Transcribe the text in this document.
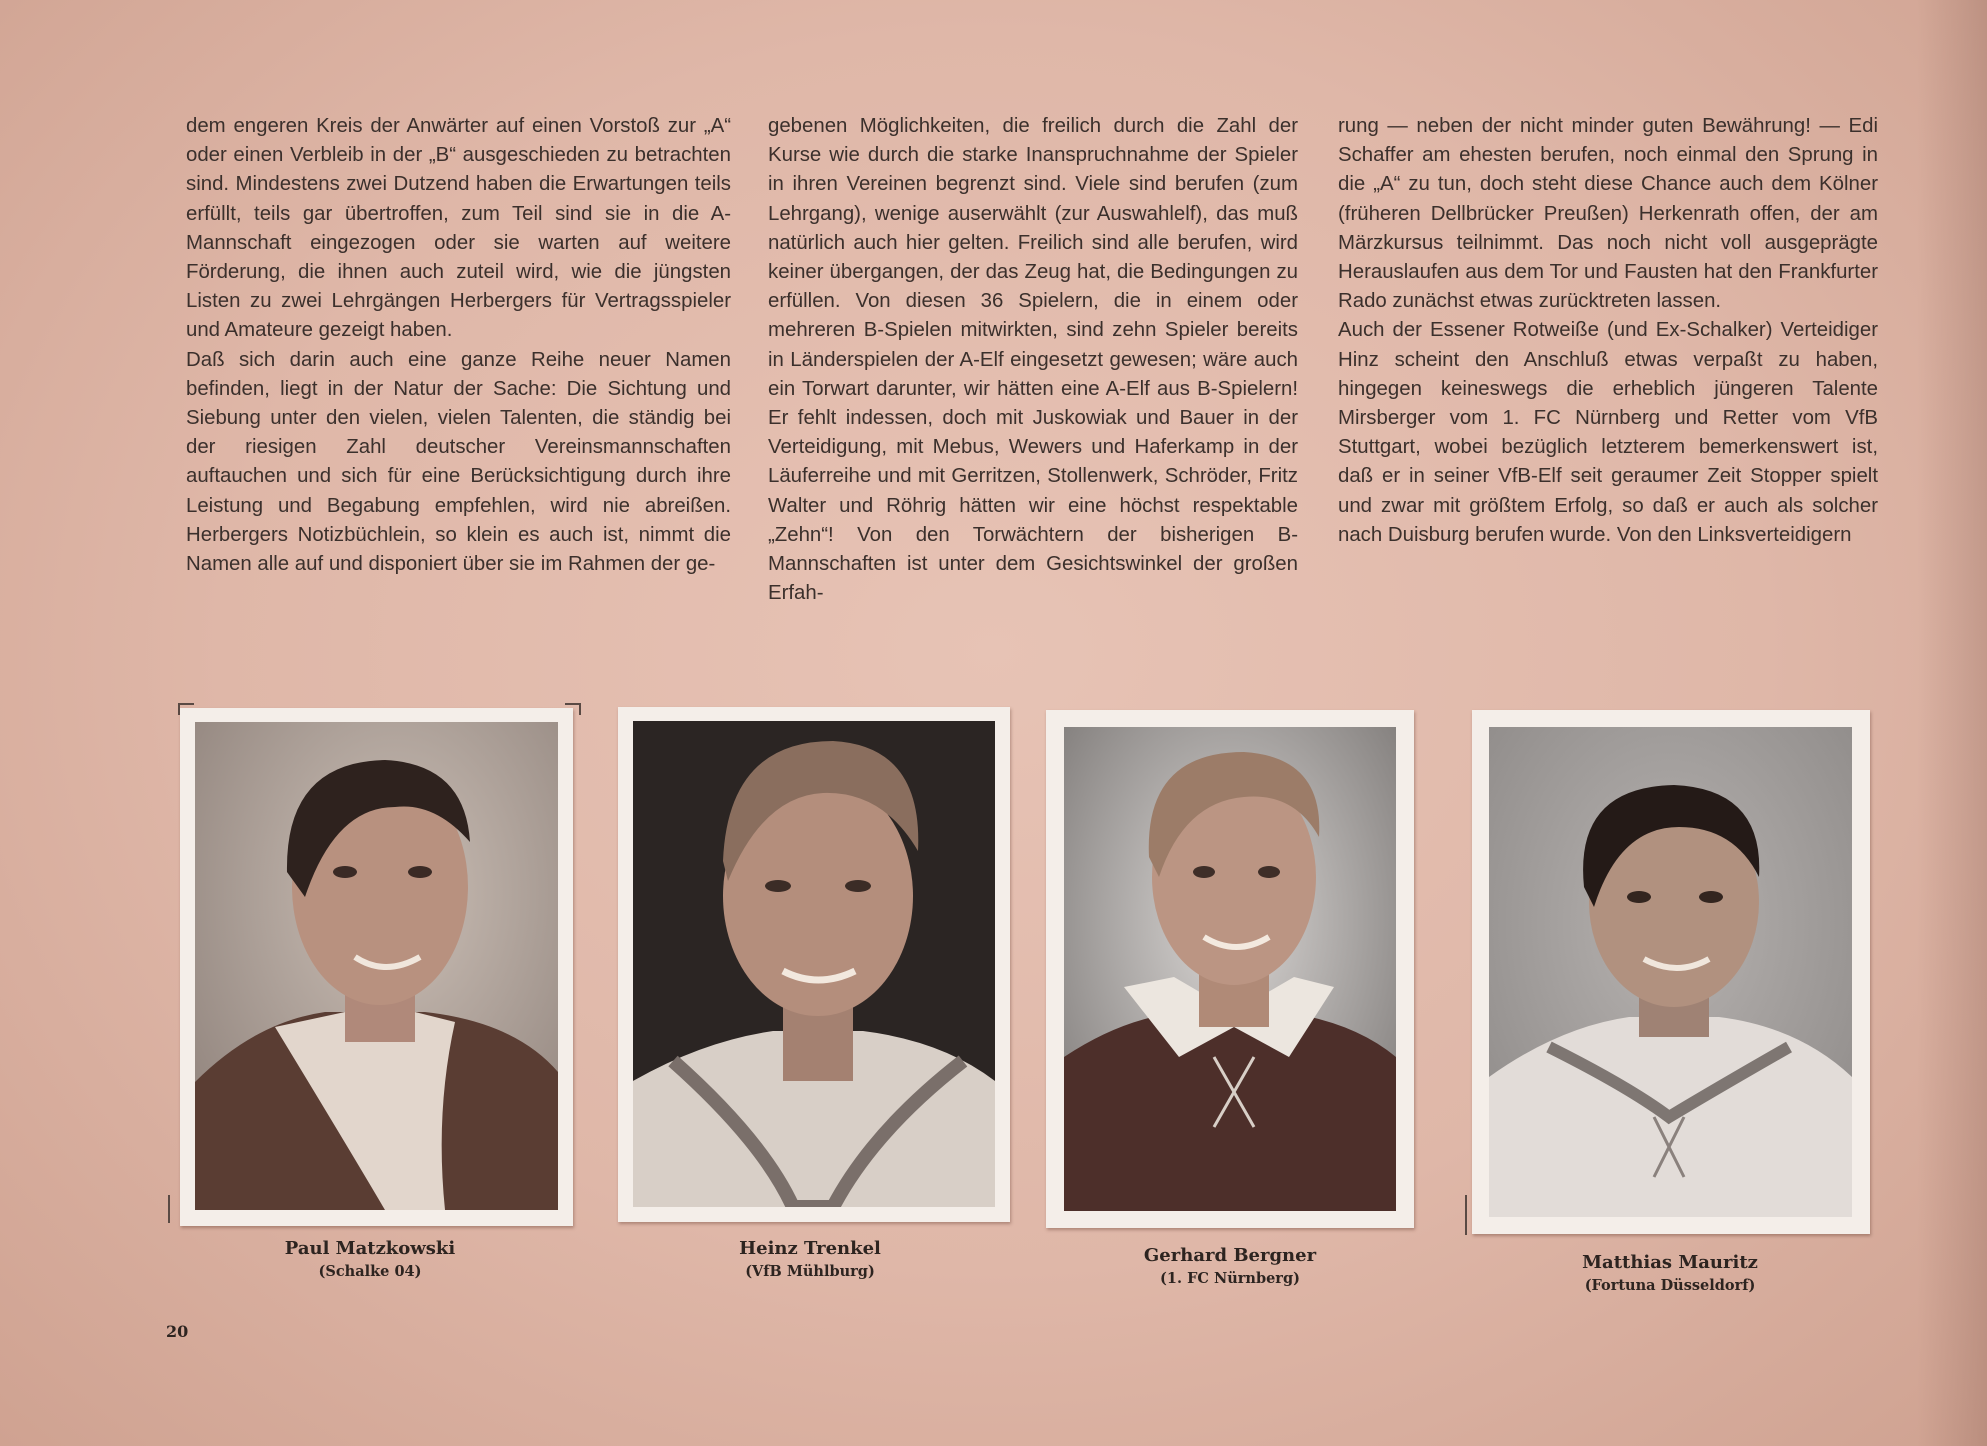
dem engeren Kreis der Anwärter auf einen Vorstoß zur „A“ oder einen Verbleib in der „B“ ausgeschieden zu betrachten sind. Mindestens zwei Dutzend haben die Erwartungen teils erfüllt, teils gar übertroffen, zum Teil sind sie in die A-Mannschaft eingezogen oder sie warten auf weitere Förderung, die ihnen auch zuteil wird, wie die jüngsten Listen zu zwei Lehrgängen Herbergers für Vertragsspieler und Amateure gezeigt haben.

Daß sich darin auch eine ganze Reihe neuer Namen befinden, liegt in der Natur der Sache: Die Sichtung und Siebung unter den vielen, vielen Talenten, die ständig bei der riesigen Zahl deutscher Vereinsmannschaften auftauchen und sich für eine Berücksichtigung durch ihre Leistung und Begabung empfehlen, wird nie abreißen. Herbergers Notizbüchlein, so klein es auch ist, nimmt die Namen alle auf und disponiert über sie im Rahmen der ge-

gebenen Möglichkeiten, die freilich durch die Zahl der Kurse wie durch die starke Inanspruchnahme der Spieler in ihren Vereinen begrenzt sind. Viele sind berufen (zum Lehrgang), wenige auserwählt (zur Auswahlelf), das muß natürlich auch hier gelten. Freilich sind alle berufen, wird keiner übergangen, der das Zeug hat, die Bedingungen zu erfüllen. Von diesen 36 Spielern, die in einem oder mehreren B-Spielen mitwirkten, sind zehn Spieler bereits in Länderspielen der A-Elf eingesetzt gewesen; wäre auch ein Torwart darunter, wir hätten eine A-Elf aus B-Spielern! Er fehlt indessen, doch mit Juskowiak und Bauer in der Verteidigung, mit Mebus, Wewers und Haferkamp in der Läuferreihe und mit Gerritzen, Stollenwerk, Schröder, Fritz Walter und Röhrig hätten wir eine höchst respektable „Zehn“! Von den Torwächtern der bisherigen B-Mannschaften ist unter dem Gesichtswinkel der großen Erfah-

rung — neben der nicht minder guten Bewährung! — Edi Schaffer am ehesten berufen, noch einmal den Sprung in die „A“ zu tun, doch steht diese Chance auch dem Kölner (früheren Dellbrücker Preußen) Herkenrath offen, der am Märzkursus teilnimmt. Das noch nicht voll ausgeprägte Herauslaufen aus dem Tor und Fausten hat den Frankfurter Rado zunächst etwas zurücktreten lassen.

Auch der Essener Rotweiße (und Ex-Schalker) Verteidiger Hinz scheint den Anschluß etwas verpaßt zu haben, hingegen keineswegs die erheblich jüngeren Talente Mirsberger vom 1. FC Nürnberg und Retter vom VfB Stuttgart, wobei bezüglich letzterem bemerkenswert ist, daß er in seiner VfB-Elf seit geraumer Zeit Stopper spielt und zwar mit größtem Erfolg, so daß er auch als solcher nach Duisburg berufen wurde. Von den Linksverteidigern

Paul Matzkowski
(Schalke 04)
Heinz Trenkel
(VfB Mühlburg)
Gerhard Bergner
(1. FC Nürnberg)
Matthias Mauritz
(Fortuna Düsseldorf)
20
